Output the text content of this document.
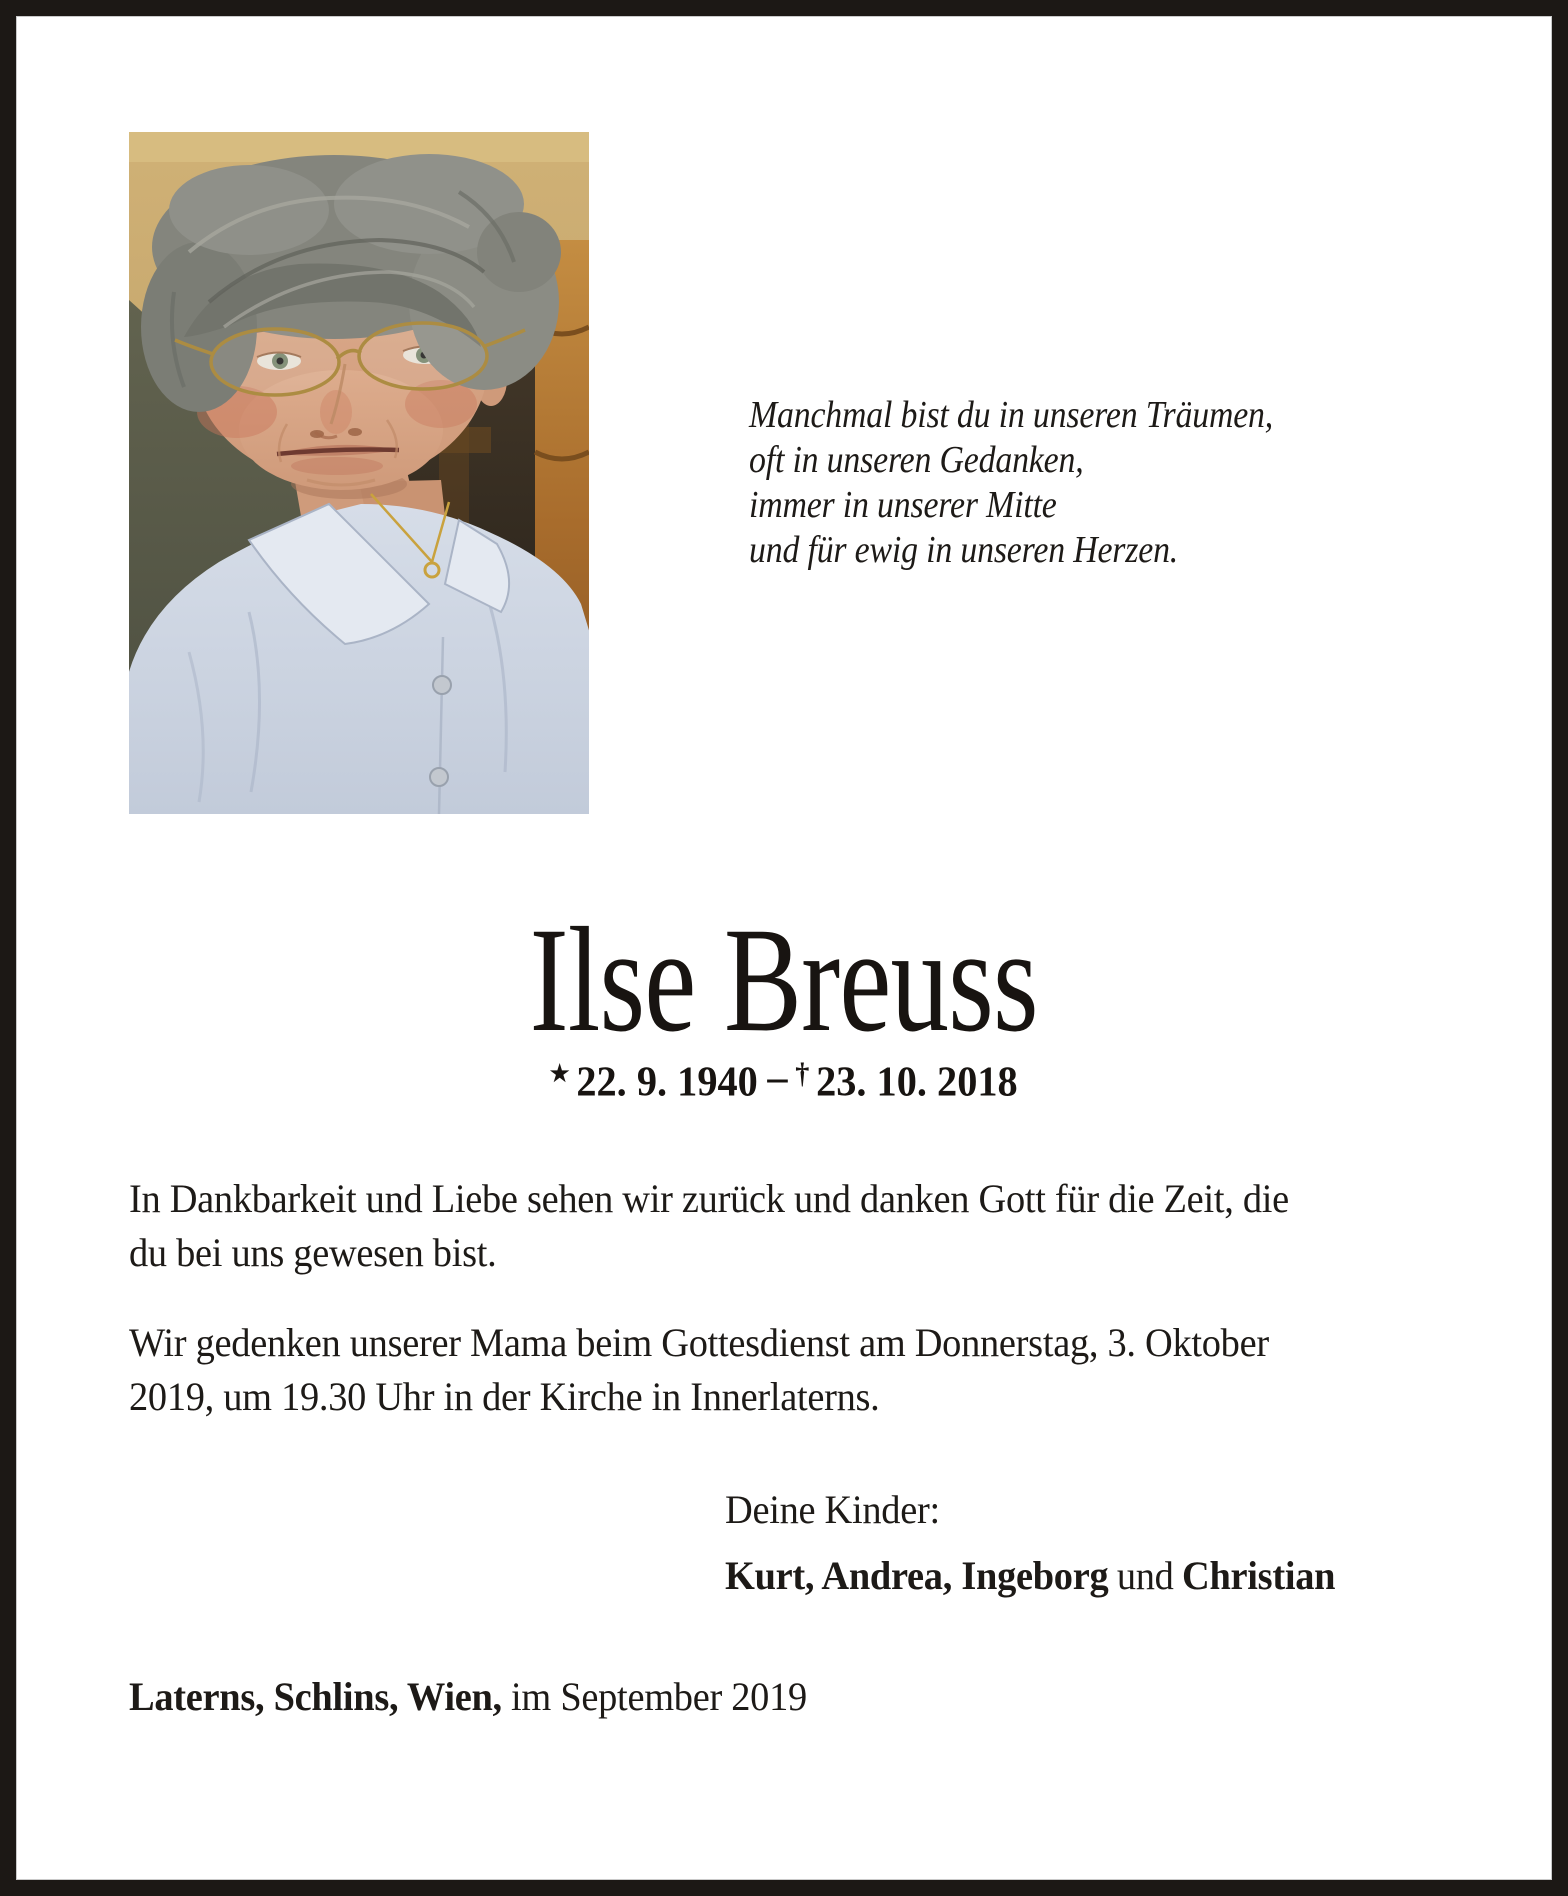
Manchmal bist du in unseren Träumen,
oft in unseren Gedanken,
immer in unserer Mitte
und für ewig in unseren Herzen.
Ilse Breuss
★ 22. 9. 1940 – † 23. 10. 2018
In Dankbarkeit und Liebe sehen wir zurück und danken Gott für die Zeit, die
du bei uns gewesen bist.
Wir gedenken unserer Mama beim Gottesdienst am Donnerstag, 3. Oktober
2019, um 19.30 Uhr in der Kirche in Innerlaterns.
Deine Kinder:
Kurt, Andrea, Ingeborg und Christian
Laterns, Schlins, Wien, im September 2019
